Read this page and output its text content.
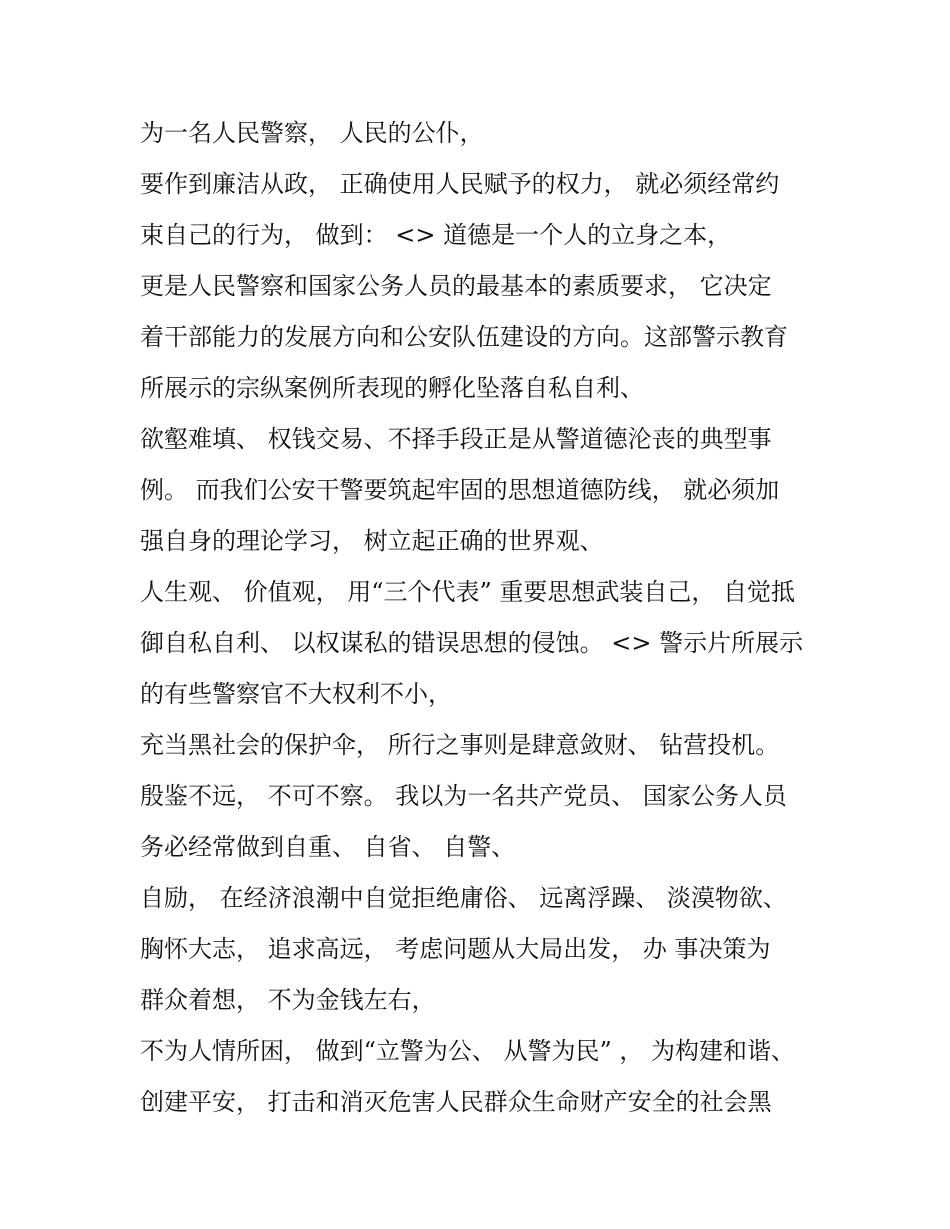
为一名人民警察， 人民的公仆，

要作到廉洁从政， 正确使用人民赋予的权力， 就必须经常约

束自己的行为， 做到： <> 道德是一个人的立身之本，

更是人民警察和国家公务人员的最基本的素质要求， 它决定

着干部能力的发展方向和公安队伍建设的方向。这部警示教育

所展示的宗纵案例所表现的孵化坠落自私自利、

欲壑难填、 权钱交易、不择手段正是从警道德沦丧的典型事

例。 而我们公安干警要筑起牢固的思想道德防线， 就必须加

强自身的理论学习， 树立起正确的世界观、

人生观、 价值观， 用“三个代表” 重要思想武装自己， 自觉抵

御自私自利、 以权谋私的错误思想的侵蚀。 <> 警示片所展示

的有些警察官不大权利不小，

充当黑社会的保护伞， 所行之事则是肆意敛财、 钻营投机。

殷鉴不远， 不可不察。 我以为一名共产党员、 国家公务人员

务必经常做到自重、 自省、 自警、

自励， 在经济浪潮中自觉拒绝庸俗、 远离浮躁、 淡漠物欲、

胸怀大志， 追求高远， 考虑问题从大局出发， 办 事决策为

群众着想， 不为金钱左右，

不为人情所困， 做到“立警为公、 从警为民” ， 为构建和谐、

创建平安， 打击和消灭危害人民群众生命财产安全的社会黑
